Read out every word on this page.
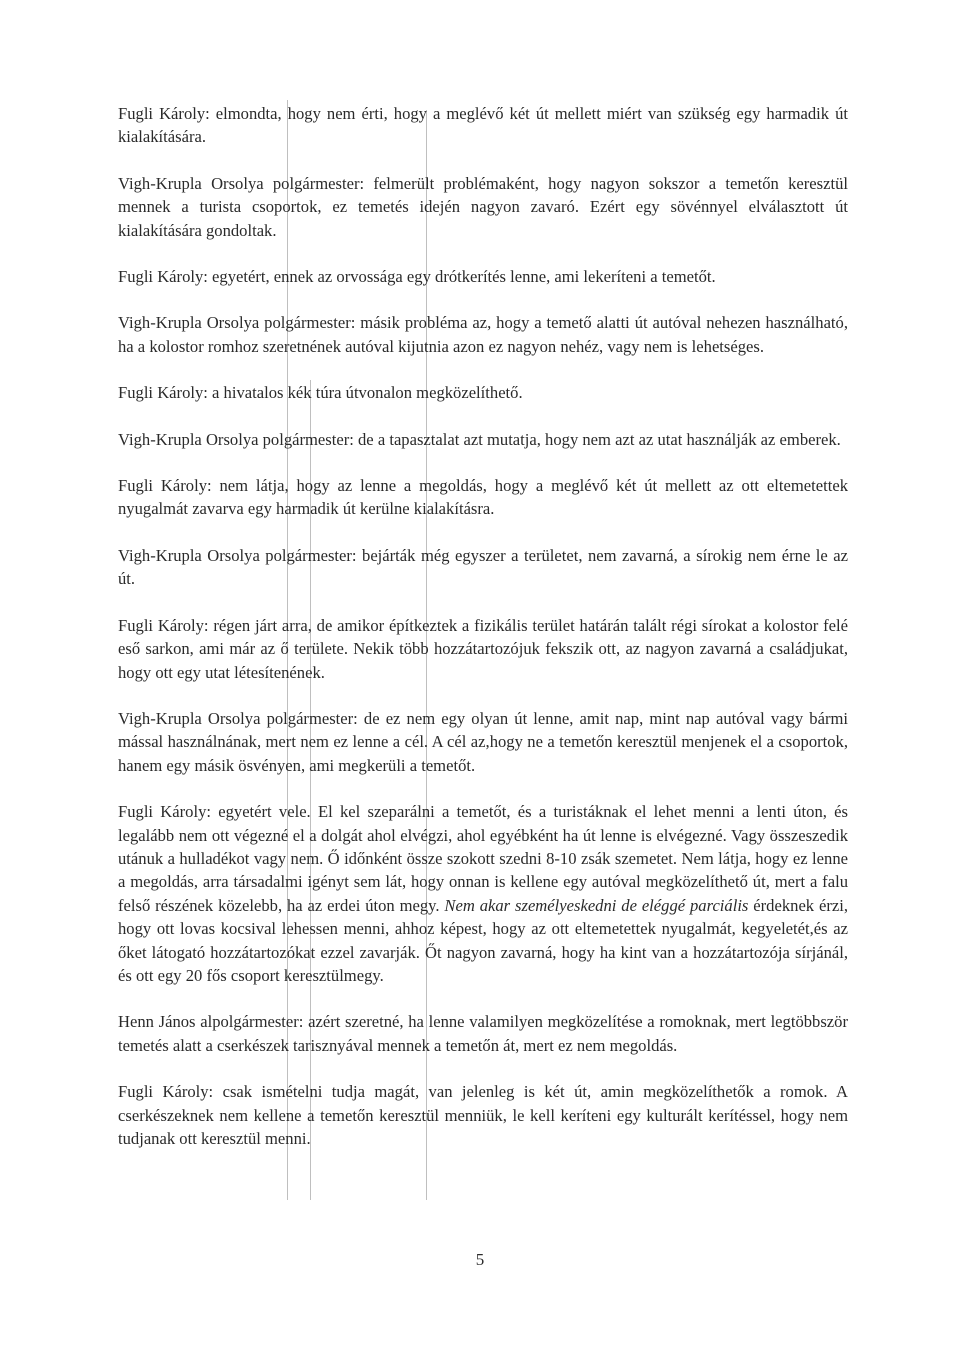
Fugli Károly: elmondta, hogy nem érti, hogy a meglévő két út mellett miért van szükség egy harmadik út kialakítására.

Vigh-Krupla Orsolya polgármester: felmerült problémaként, hogy nagyon sokszor a temetőn keresztül mennek a turista csoportok, ez temetés idején nagyon zavaró. Ezért egy sövénnyel elválasztott út kialakítására gondoltak.

Fugli Károly: egyetért, ennek az orvossága egy drótkerítés lenne, ami lekeríteni a temetőt.

Vigh-Krupla Orsolya polgármester: másik probléma az, hogy a temető alatti út autóval nehezen használható, ha a kolostor romhoz szeretnének autóval kijutnia azon ez nagyon nehéz, vagy nem is lehetséges.

Fugli Károly: a hivatalos kék túra útvonalon megközelíthető.

Vigh-Krupla Orsolya polgármester: de a tapasztalat azt mutatja, hogy nem azt az utat használják az emberek.

Fugli Károly: nem látja, hogy az lenne a megoldás, hogy a meglévő két út mellett az ott eltemetettek nyugalmát zavarva egy harmadik út kerülne kialakításra.

Vigh-Krupla Orsolya polgármester: bejárták még egyszer a területet, nem zavarná, a sírokig nem érne le az út.

Fugli Károly: régen járt arra, de amikor építkeztek a fizikális terület határán talált régi sírokat a kolostor felé eső sarkon, ami már az ő területe. Nekik több hozzátartozójuk fekszik ott, az nagyon zavarná a családjukat, hogy ott egy utat létesítenének.

Vigh-Krupla Orsolya polgármester: de ez nem egy olyan út lenne, amit nap, mint nap autóval vagy bármi mással használnának, mert nem ez lenne a cél. A cél az,hogy ne a temetőn keresztül menjenek el a csoportok, hanem egy másik ösvényen, ami megkerüli a temetőt.

Fugli Károly: egyetért vele. El kel szeparálni a temetőt, és a turistáknak el lehet menni a lenti úton, és legalább nem ott végezné el a dolgát ahol elvégzi, ahol egyébként ha út lenne is elvégezné. Vagy összeszedik utánuk a hulladékot vagy nem. Ő időnként össze szokott szedni 8-10 zsák szemetet. Nem látja, hogy ez lenne a megoldás, arra társadalmi igényt sem lát, hogy onnan is kellene egy autóval megközelíthető út, mert a falu felső részének közelebb, ha az erdei úton megy. Nem akar személyeskedni de eléggé parciális érdeknek érzi, hogy ott lovas kocsival lehessen menni, ahhoz képest, hogy az ott eltemetettek nyugalmát, kegyeletét,és az őket látogató hozzátartozókat ezzel zavarják. Őt nagyon zavarná, hogy ha kint van a hozzátartozója sírjánál, és ott egy 20 fős csoport keresztülmegy.

Henn János alpolgármester: azért szeretné, ha lenne valamilyen megközelítése a romoknak, mert legtöbbször temetés alatt a cserkészek tarisznyával mennek a temetőn át, mert ez nem megoldás.

Fugli Károly: csak ismételni tudja magát, van jelenleg is két út, amin megközelíthetők a romok. A cserkészeknek nem kellene a temetőn keresztül menniük, le kell keríteni egy kulturált kerítéssel, hogy nem tudjanak ott keresztül menni.

5
